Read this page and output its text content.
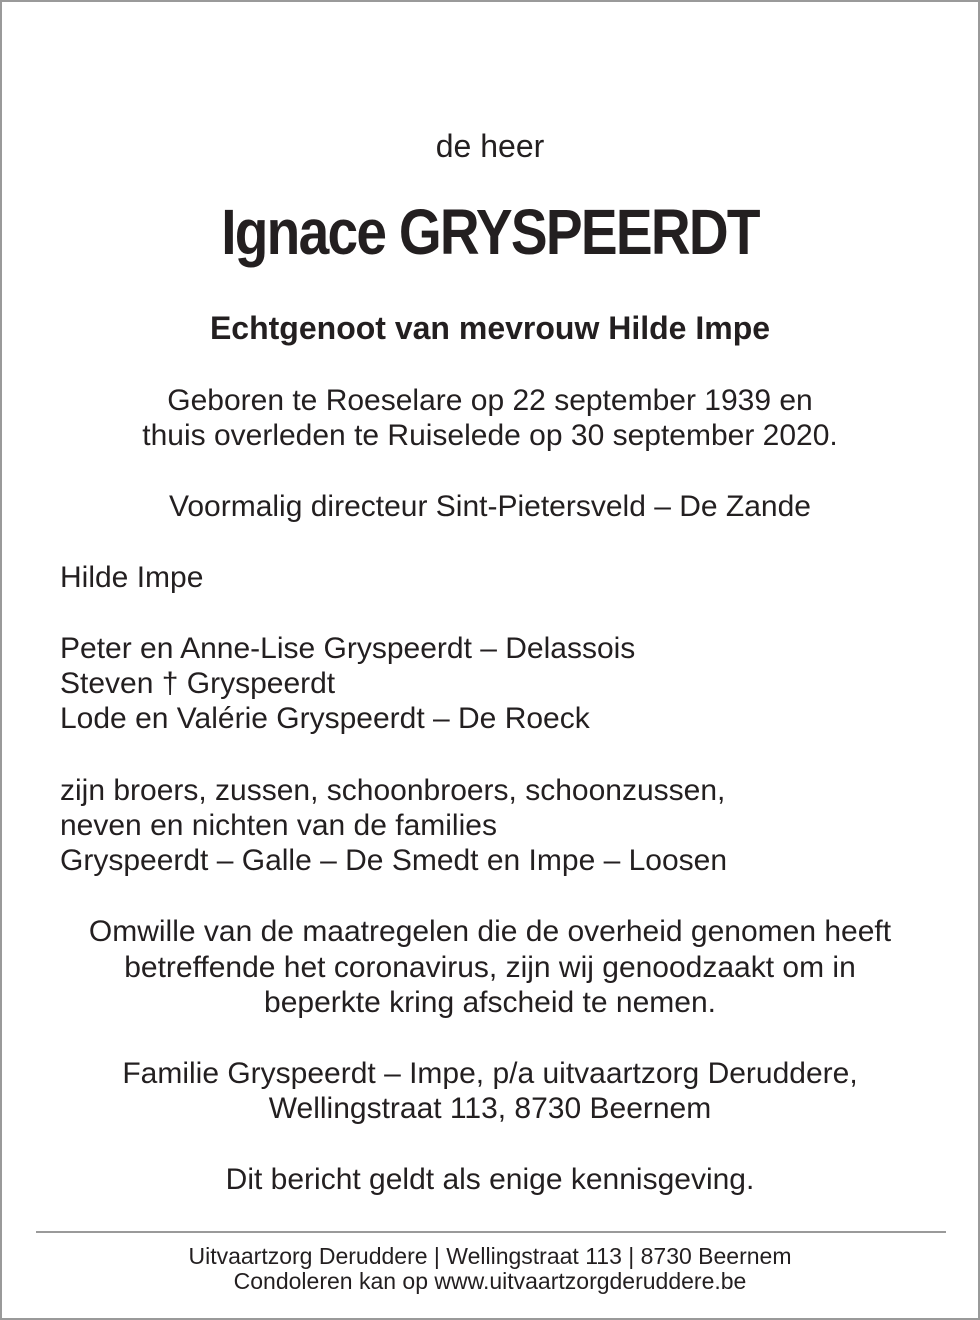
de heer

Ignace GRYSPEERDT

Echtgenoot van mevrouw Hilde Impe

Geboren te Roeselare op 22 september 1939 en

thuis overleden te Ruiselede op 30 september 2020.

Voormalig directeur Sint-Pietersveld – De Zande

Hilde Impe

Peter en Anne-Lise Gryspeerdt – Delassois

Steven † Gryspeerdt

Lode en Valérie Gryspeerdt – De Roeck

zijn broers, zussen, schoonbroers, schoonzussen,

neven en nichten van de families

Gryspeerdt – Galle – De Smedt en Impe – Loosen

Omwille van de maatregelen die de overheid genomen heeft

betreffende het coronavirus, zijn wij genoodzaakt om in

beperkte kring afscheid te nemen.

Familie Gryspeerdt – Impe, p/a uitvaartzorg Deruddere,

Wellingstraat 113, 8730 Beernem

Dit bericht geldt als enige kennisgeving.

Uitvaartzorg Deruddere | Wellingstraat 113 | 8730 Beernem

Condoleren kan op www.uitvaartzorgderuddere.be
